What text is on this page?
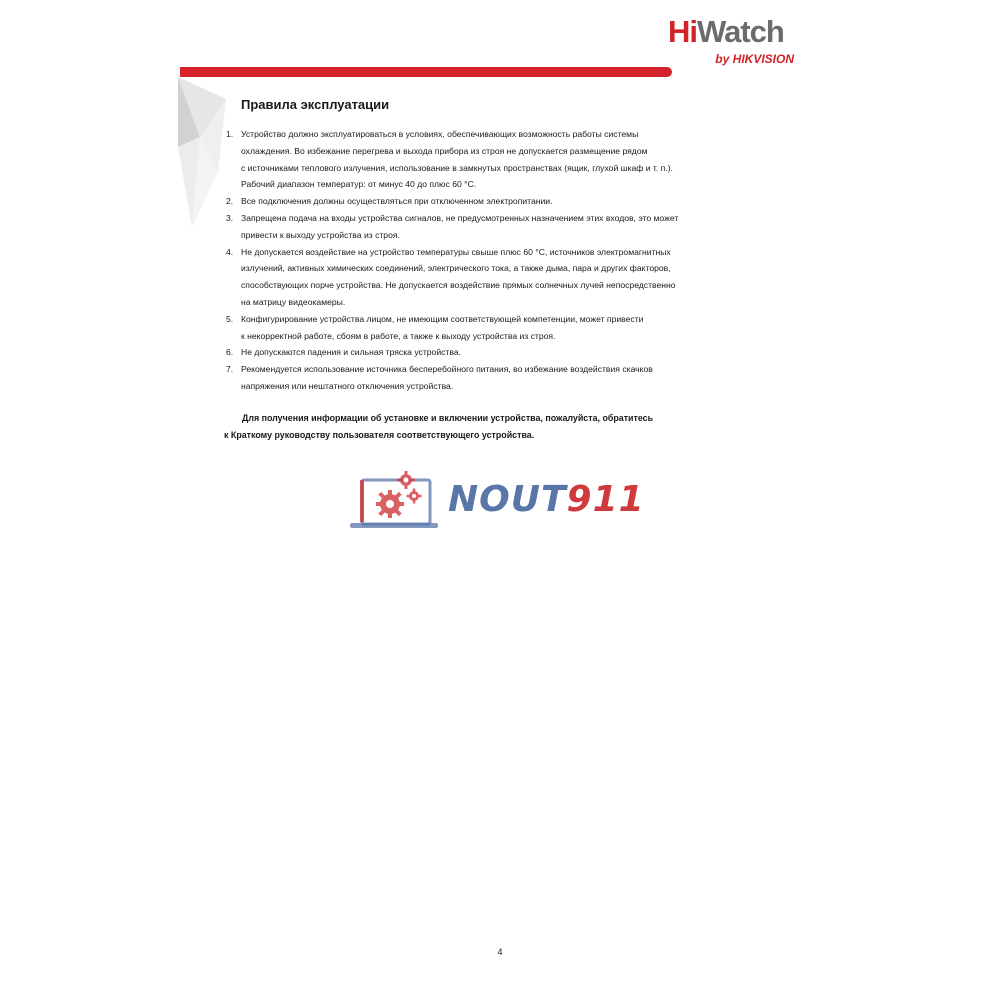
HiWatch
by HIKVISION
Правила эксплуатации
1. Устройство должно эксплуатироваться в условиях, обеспечивающих возможность работы системы
охлаждения. Во избежание перегрева и выхода прибора из строя не допускается размещение рядом
с источниками теплового излучения, использование в замкнутых пространствах (ящик, глухой шкаф и т. п.).
Рабочий диапазон температур: от минус 40 до плюс 60 °С.
2. Все подключения должны осуществляться при отключенном электропитании.
3. Запрещена подача на входы устройства сигналов, не предусмотренных назначением этих входов, это может
привести к выходу устройства из строя.
4. Не допускается воздействие на устройство температуры свыше плюс 60 °С, источников электромагнитных
излучений, активных химических соединений, электрического тока, а также дыма, пара и других факторов,
способствующих порче устройства. Не допускается воздействие прямых солнечных лучей непосредственно
на матрицу видеокамеры.
5. Конфигурирование устройства лицом, не имеющим соответствующей компетенции, может привести
к некорректной работе, сбоям в работе, а также к выходу устройства из строя.
6. Не допускаются падения и сильная тряска устройства.
7. Рекомендуется использование источника бесперебойного питания, во избежание воздействия скачков
напряжения или нештатного отключения устройства.
Для получения информации об установке и включении устройства, пожалуйста, обратитесь
к Краткому руководству пользователя соответствующего устройства.
NOUT911
4
